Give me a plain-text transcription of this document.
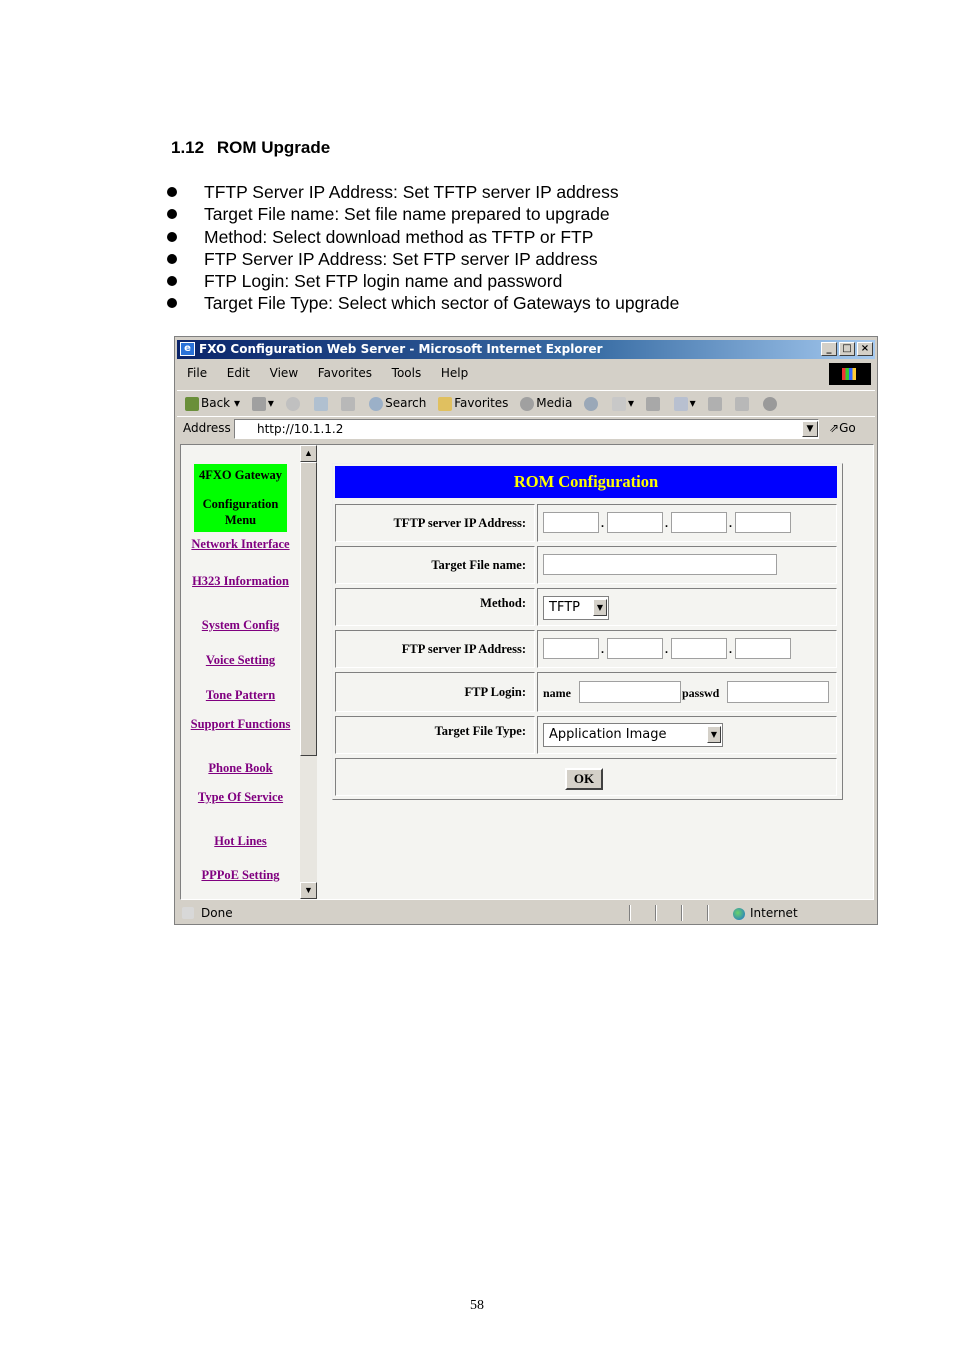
1.12 ROM Upgrade
TFTP Server IP Address: Set TFTP server IP address
Target File name: Set file name prepared to upgrade
Method: Select download method as TFTP or FTP
FTP Server IP Address: Set FTP server IP address
FTP Login: Set FTP login name and password
Target File Type: Select which sector of Gateways to upgrade
e FXO Configuration Web Server - Microsoft Internet Explorer	_	□ ×
File Edit View Favorites Tools Help
Back ▾ ▾	Search Favorites Media	▾	▾
Address	http://10.1.1.2	▼	⇗Go
4FXO Gateway
Configuration Menu
Network Interface
H323 Information
System Config
Voice Setting
Tone Pattern
Support Functions
Phone Book
Type Of Service
Hot Lines
PPPoE Setting
▲
▼
ROM Configuration
TFTP server IP Address:	.	.	.
Target File name:
Method:	TFTP	▼
FTP server IP Address:	.	.	.
FTP Login:	name	passwd
Target File Type:	Application Image	▼
OK
Done	Internet
58
